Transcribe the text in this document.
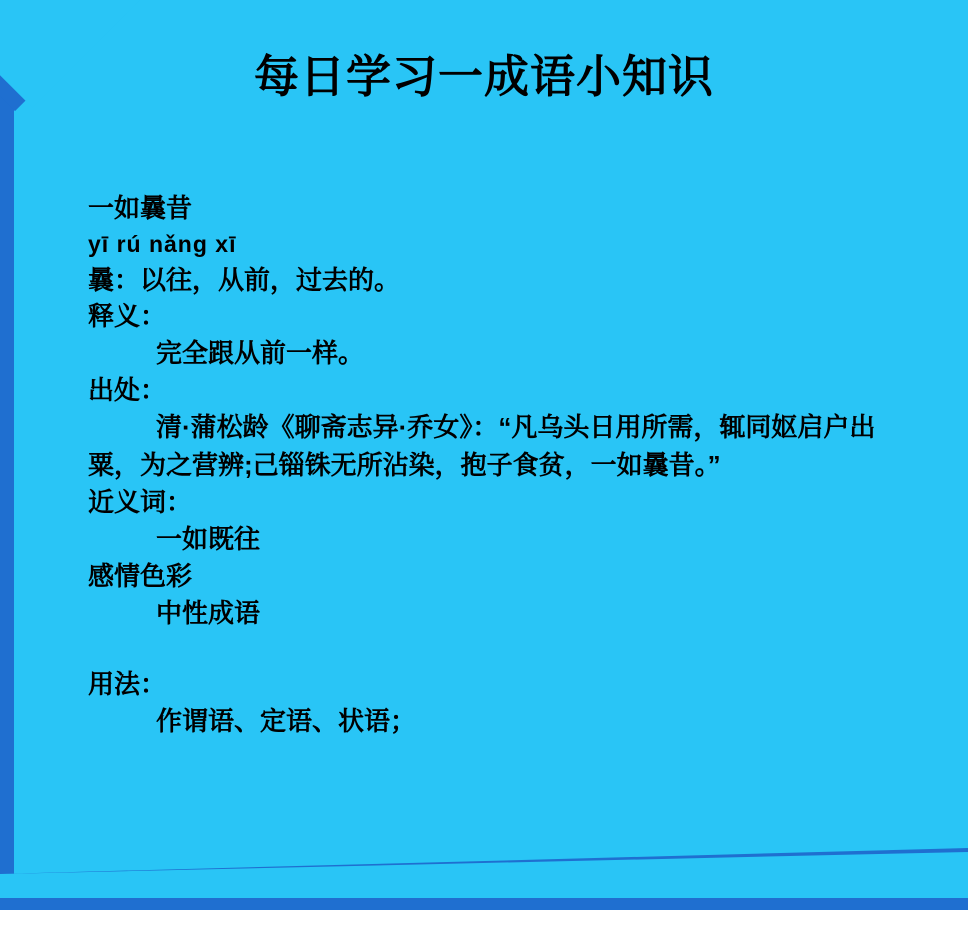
每日学习一成语小知识
一如曩昔
yī rú nǎng xī
曩：以往，从前，过去的。
释义：
完全跟从前一样。
出处：
清·蒲松龄《聊斋志异·乔女》：“凡乌头日用所需，辄同妪启户出粟，为之营辨;己锱铢无所沾染，抱子食贫，一如曩昔。”
近义词：
一如既往
感情色彩
中性成语
用法：
作谓语、定语、状语；
